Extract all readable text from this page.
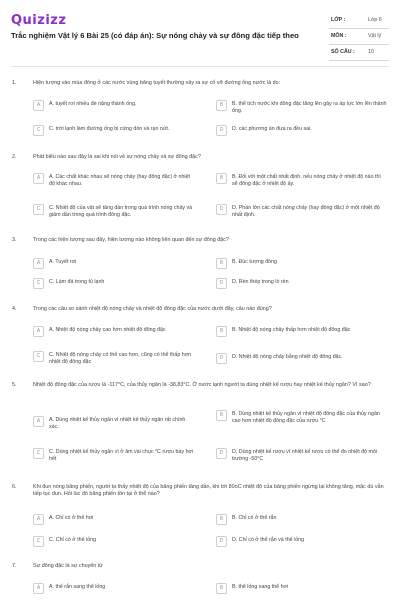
Quizizz
Trắc nghiệm Vật lý 6 Bài 25 (có đáp án): Sự nóng chảy và sự đông đặc tiếp theo
LỚP :	Lớp 6
MÔN :	Vật lý
SỐ CÂU : 10
1.	Hiện tượng vào mùa đông ở các nước vùng băng tuyết thường xảy ra sự cố vỡ đường ống nước là do:
A	A. tuyết rơi nhiều đè nặng thành ống.	B	B. thể tích nước khi đông đặc tăng lên gây ra áp lực lớn lên thành ống.
C	C. trời lạnh làm đường ống bị cứng dòn và rạn nứt.	D	D. các phương án đưa ra đều sai.
2.	Phát biểu nào sau đây là sai khi nói về sự nóng chảy và sự đông đặc?
A	A. Các chất khác nhau sẽ nóng chảy (hay đông đặc) ở nhiệt độ khác nhau.
B	B. Đối với một chất nhất định, nếu nóng chảy ở nhiệt độ nào thì sẽ đông đặc ở nhiệt độ ấy.
C	C. Nhiệt độ của vật sẽ tăng dần trong quá trình nóng chảy và giảm dần trong quá trình đông đặc.
D	D. Phần lớn các chất nóng chảy (hay đông đặc) ở một nhiệt độ nhất định.
3.	Trong các hiện tượng sau đây, hiện tượng nào không liên quan đến sự đông đặc?
A	A. Tuyết rơi	B	B. Đúc tượng đồng
C	C. Làm đá trong tủ lạnh	D	D. Rèn thép trong lò rèn
4.	Trong các câu so sánh nhiệt độ nóng chảy và nhiệt độ đông đặc của nước dưới đây, câu nào đúng?
A	A. Nhiệt độ nóng chảy cao hơn nhiệt độ đông đặc	B	B. Nhiệt độ nóng chảy thấp hơn nhiệt độ đông đặc
C	C. Nhiệt độ nóng chảy có thể cao hơn, cũng có thể thấp hơn nhiệt độ đông đặc
D	D. Nhiệt độ nóng chảy bằng nhiệt độ đông đặc.
5.	Nhiệt độ đông đặc của rượu là -117°C, của thủy ngân là -38,83°C. Ở nước lạnh người ta dùng nhiệt kế rượu hay nhiệt kế thủy ngân? Vì sao?
A	A. Dùng nhiệt kế thủy ngân vì nhiệt kế thủy ngân rất chính xác.
B	B. Dùng nhiệt kế thủy ngân vì nhiệt độ đông đặc của thủy ngân cao hơn nhiệt độ đông đặc của rượu °C
C	C. Dùng nhiệt kế thủy ngân vì ở âm vài chục °C rượu bay hơi hết
D	D. Dùng nhiệt kế rượu vì nhiệt kế rượu có thể đo nhiệt độ môi trường -50°C
6.	Khi đun nóng băng phiến, người ta thấy nhiệt độ của băng phiến tăng dần, khi tới 80oC nhiệt độ của băng phiến ngừng lại không tăng, mặc dù vẫn tiếp tục đun. Hỏi lúc đó băng phiến tồn tại ở thể nào?
A	A. Chỉ có ở thể hơi	B	B. Chỉ có ở thể rắn
C	C. Chỉ có ở thể lỏng	D	D. Chỉ có ở thể rắn và thể lỏng
7.	Sự đông đặc là sự chuyển từ
A	A. thể rắn sang thể lỏng	B	B. thể lỏng sang thể hơi
